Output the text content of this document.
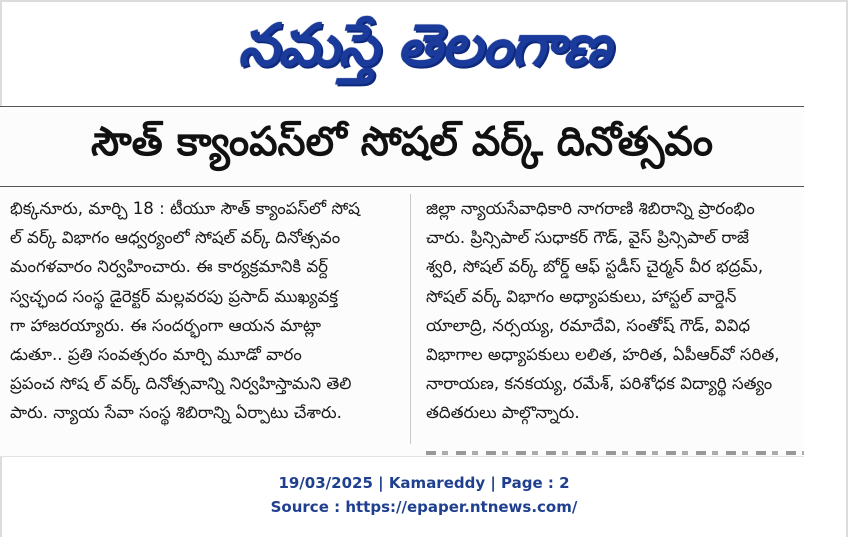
నమస్తే తెలంగాణ
సౌత్ క్యాంపస్‌లో సోషల్ వర్క్ దినోత్సవం

భిక్కనూరు, మార్చి 18 : టీయూ సౌత్ క్యాంపస్‌లో సోష

ల్ వర్క్ విభాగం ఆధ్వర్యంలో సోషల్ వర్క్ దినోత్సవం

మంగళవారం నిర్వహించారు. ఈ కార్యక్రమానికి వర్ద్

స్వచ్ఛంద సంస్థ డైరెక్టర్ మల్లవరపు ప్రసాద్ ముఖ్యవక్త

గా హాజరయ్యారు. ఈ సందర్భంగా ఆయన మాట్లా

డుతూ.. ప్రతి సంవత్సరం మార్చి మూడో వారం

ప్రపంచ సోష ల్ వర్క్ దినోత్సవాన్ని నిర్వహిస్తామని తెలి

పారు. న్యాయ సేవా సంస్థ శిబిరాన్ని ఏర్పాటు చేశారు.

జిల్లా న్యాయసేవాధికారి నాగరాణి శిబిరాన్ని ప్రారంభిం

చారు. ప్రిన్సిపాల్ సుధాకర్ గౌడ్, వైస్ ప్రిన్సిపాల్ రాజే

శ్వరి, సోషల్ వర్క్ బోర్డ్ ఆఫ్ స్టడీస్ చైర్మన్ వీర భద్రమ్,

సోషల్ వర్క్ విభాగం అధ్యాపకులు, హాస్టల్ వార్డెన్

యాలాద్రి, నర్సయ్య, రమాదేవి, సంతోష్ గౌడ్, వివిధ

విభాగాల అధ్యాపకులు లలిత, హరిత, ఏపీఆర్‌వో సరిత,

నారాయణ, కనకయ్య, రమేశ్, పరిశోధక విద్యార్థి సత్యం

తదితరులు పాల్గొన్నారు.

19/03/2025 | Kamareddy | Page : 2
Source : https://epaper.ntnews.com/
